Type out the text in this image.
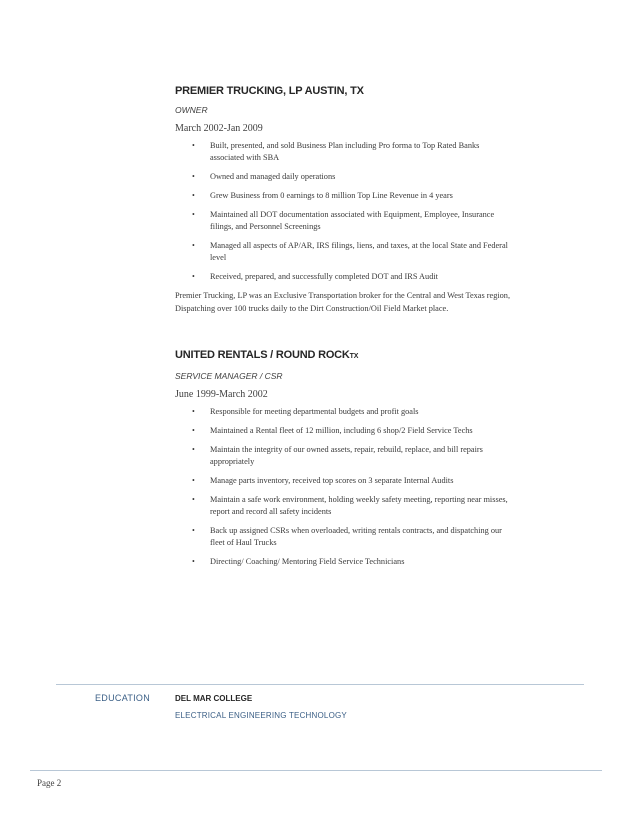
PREMIER TRUCKING, LP AUSTIN, TX
OWNER
March 2002-Jan 2009
• Built, presented, and sold Business Plan including Pro forma to Top Rated Banks associated with SBA
• Owned and managed daily operations
• Grew Business from 0 earnings to 8 million Top Line Revenue in 4 years
• Maintained all DOT documentation associated with Equipment, Employee, Insurance filings, and Personnel Screenings
• Managed all aspects of AP/AR, IRS filings, liens, and taxes, at the local State and Federal level
• Received, prepared, and successfully completed DOT and IRS Audit
Premier Trucking, LP was an Exclusive Transportation broker for the Central and West Texas region, Dispatching over 100 trucks daily to the Dirt Construction/Oil Field Market place.
UNITED RENTALS / ROUND ROCKTX
SERVICE MANAGER / CSR
June 1999-March 2002
• Responsible for meeting departmental budgets and profit goals
• Maintained a Rental fleet of 12 million, including 6 shop/2 Field Service Techs
• Maintain the integrity of our owned assets, repair, rebuild, replace, and bill repairs appropriately
• Manage parts inventory, received top scores on 3 separate Internal Audits
• Maintain a safe work environment, holding weekly safety meeting, reporting near misses, report and record all safety incidents
• Back up assigned CSRs when overloaded, writing rentals contracts, and dispatching our fleet of Haul Trucks
• Directing/ Coaching/ Mentoring Field Service Technicians
EDUCATION	DEL MAR COLLEGE
ELECTRICAL ENGINEERING TECHNOLOGY
Page 2
